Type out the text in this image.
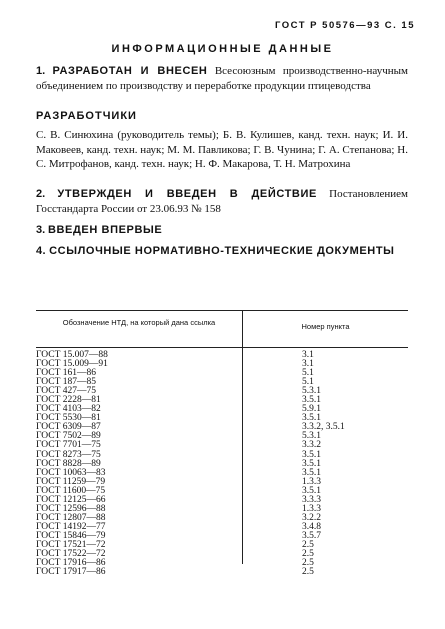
ГОСТ Р 50576—93 С. 15
ИНФОРМАЦИОННЫЕ ДАННЫЕ
1. РАЗРАБОТАН И ВНЕСЕН Всесоюзным производственно-научным объединением по производству и переработке продукции птицеводства
РАЗРАБОТЧИКИ
С. В. Синюхина (руководитель темы); Б. В. Кулишев, канд. техн. наук; И. И. Маковеев, канд. техн. наук; М. М. Павликова; Г. В. Чунина; Г. А. Степанова; Н. С. Митрофанов, канд. техн. наук; Н. Ф. Макарова, Т. Н. Матрохина
2. УТВЕРЖДЕН И ВВЕДЕН В ДЕЙСТВИЕ Постановлением Госстандарта России от 23.06.93 № 158
3. ВВЕДЕН ВПЕРВЫЕ
4. ССЫЛОЧНЫЕ НОРМАТИВНО-ТЕХНИЧЕСКИЕ ДОКУМЕНТЫ
Обозначение НТД, на который дана ссылка	Номер пункта
ГОСТ 15.007—88	3.1
ГОСТ 15.009—91	3.1
ГОСТ 161—86	5.1
ГОСТ 187—85	5.1
ГОСТ 427—75	5.3.1
ГОСТ 2228—81	3.5.1
ГОСТ 4103—82	5.9.1
ГОСТ 5530—81	3.5.1
ГОСТ 6309—87	3.3.2, 3.5.1
ГОСТ 7502—89	5.3.1
ГОСТ 7701—75	3.3.2
ГОСТ 8273—75	3.5.1
ГОСТ 8828—89	3.5.1
ГОСТ 10063—83	3.5.1
ГОСТ 11259—79	1.3.3
ГОСТ 11600—75	3.5.1
ГОСТ 12125—66	3.3.3
ГОСТ 12596—88	1.3.3
ГОСТ 12807—88	3.2.2
ГОСТ 14192—77	3.4.8
ГОСТ 15846—79	3.5.7
ГОСТ 17521—72	2.5
ГОСТ 17522—72	2.5
ГОСТ 17916—86	2.5
ГОСТ 17917—86	2.5
